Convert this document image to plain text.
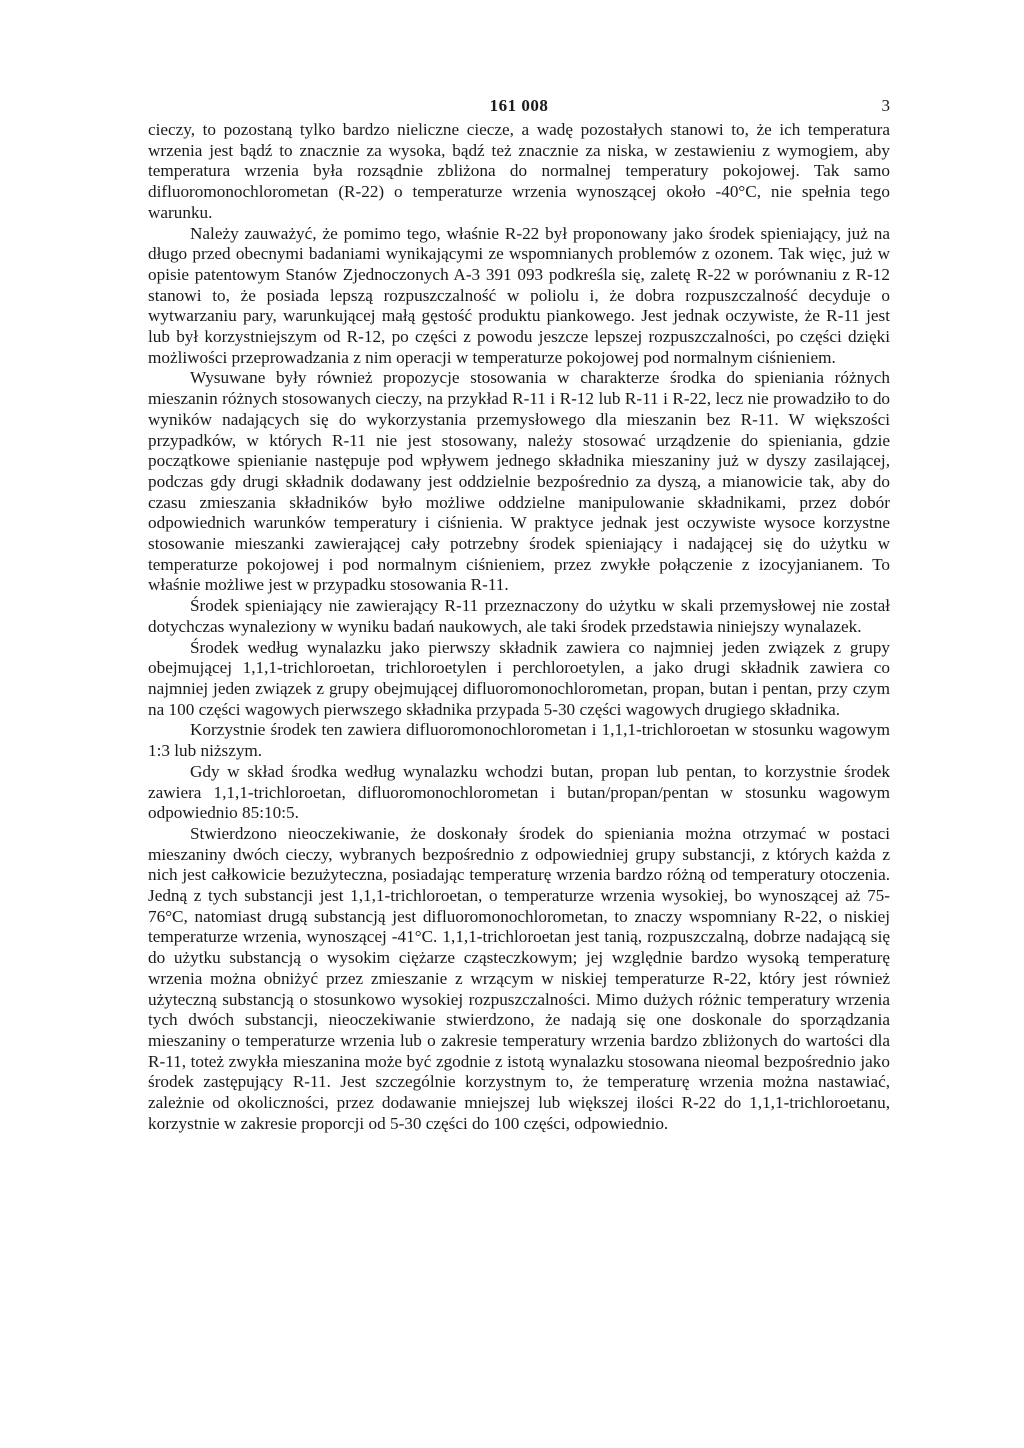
161 008	3

cieczy, to pozostaną tylko bardzo nieliczne ciecze, a wadę pozostałych stanowi to, że ich temperatura wrzenia jest bądź to znacznie za wysoka, bądź też znacznie za niska, w zestawieniu z wymogiem, aby temperatura wrzenia była rozsądnie zbliżona do normalnej temperatury pokojowej. Tak samo difluoromonochlorometan (R-22) o temperaturze wrzenia wynoszącej około -40°C, nie spełnia tego warunku.

Należy zauważyć, że pomimo tego, właśnie R-22 był proponowany jako środek spieniający, już na długo przed obecnymi badaniami wynikającymi ze wspomnianych problemów z ozonem. Tak więc, już w opisie patentowym Stanów Zjednoczonych A-3 391 093 podkreśla się, zaletę R-22 w porównaniu z R-12 stanowi to, że posiada lepszą rozpuszczalność w poliolu i, że dobra rozpuszczalność decyduje o wytwarzaniu pary, warunkującej małą gęstość produktu piankowego. Jest jednak oczywiste, że R-11 jest lub był korzystniejszym od R-12, po części z powodu jeszcze lepszej rozpuszczalności, po części dzięki możliwości przeprowadzania z nim operacji w temperaturze pokojowej pod normalnym ciśnieniem.

Wysuwane były również propozycje stosowania w charakterze środka do spieniania różnych mieszanin różnych stosowanych cieczy, na przykład R-11 i R-12 lub R-11 i R-22, lecz nie prowadziło to do wyników nadających się do wykorzystania przemysłowego dla mieszanin bez R-11. W większości przypadków, w których R-11 nie jest stosowany, należy stosować urządzenie do spieniania, gdzie początkowe spienianie następuje pod wpływem jednego składnika mieszaniny już w dyszy zasilającej, podczas gdy drugi składnik dodawany jest oddzielnie bezpośrednio za dyszą, a mianowicie tak, aby do czasu zmieszania składników było możliwe oddzielne manipulowanie składnikami, przez dobór odpowiednich warunków temperatury i ciśnienia. W praktyce jednak jest oczywiste wysoce korzystne stosowanie mieszanki zawierającej cały potrzebny środek spieniający i nadającej się do użytku w temperaturze pokojowej i pod normalnym ciśnieniem, przez zwykłe połączenie z izocyjanianem. To właśnie możliwe jest w przypadku stosowania R-11.

Środek spieniający nie zawierający R-11 przeznaczony do użytku w skali przemysłowej nie został dotychczas wynaleziony w wyniku badań naukowych, ale taki środek przedstawia niniejszy wynalazek.

Środek według wynalazku jako pierwszy składnik zawiera co najmniej jeden związek z grupy obejmującej 1,1,1-trichloroetan, trichloroetylen i perchloroetylen, a jako drugi składnik zawiera co najmniej jeden związek z grupy obejmującej difluoromonochlorometan, propan, butan i pentan, przy czym na 100 części wagowych pierwszego składnika przypada 5-30 części wagowych drugiego składnika.

Korzystnie środek ten zawiera difluoromonochlorometan i 1,1,1-trichloroetan w stosunku wagowym 1:3 lub niższym.

Gdy w skład środka według wynalazku wchodzi butan, propan lub pentan, to korzystnie środek zawiera 1,1,1-trichloroetan, difluoromonochlorometan i butan/propan/pentan w stosunku wagowym odpowiednio 85:10:5.

Stwierdzono nieoczekiwanie, że doskonały środek do spieniania można otrzymać w postaci mieszaniny dwóch cieczy, wybranych bezpośrednio z odpowiedniej grupy substancji, z których każda z nich jest całkowicie bezużyteczna, posiadając temperaturę wrzenia bardzo różną od temperatury otoczenia. Jedną z tych substancji jest 1,1,1-trichloroetan, o temperaturze wrzenia wysokiej, bo wynoszącej aż 75-76°C, natomiast drugą substancją jest difluoromonochlorometan, to znaczy wspomniany R-22, o niskiej temperaturze wrzenia, wynoszącej -41°C. 1,1,1-trichloroetan jest tanią, rozpuszczalną, dobrze nadającą się do użytku substancją o wysokim ciężarze cząsteczkowym; jej względnie bardzo wysoką temperaturę wrzenia można obniżyć przez zmieszanie z wrzącym w niskiej temperaturze R-22, który jest również użyteczną substancją o stosunkowo wysokiej rozpuszczalności. Mimo dużych różnic temperatury wrzenia tych dwóch substancji, nieoczekiwanie stwierdzono, że nadają się one doskonale do sporządzania mieszaniny o temperaturze wrzenia lub o zakresie temperatury wrzenia bardzo zbliżonych do wartości dla R-11, toteż zwykła mieszanina może być zgodnie z istotą wynalazku stosowana nieomal bezpośrednio jako środek zastępujący R-11. Jest szczególnie korzystnym to, że temperaturę wrzenia można nastawiać, zależnie od okoliczności, przez dodawanie mniejszej lub większej ilości R-22 do 1,1,1-trichloroetanu, korzystnie w zakresie proporcji od 5-30 części do 100 części, odpowiednio.
